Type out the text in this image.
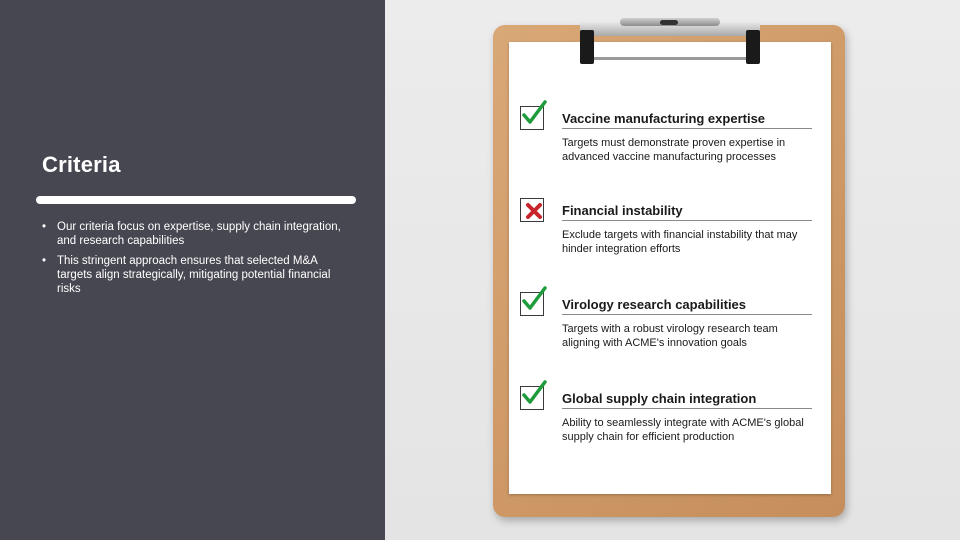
Criteria
• Our criteria focus on expertise, supply chain integration, and research capabilities
• This stringent approach ensures that selected M&A targets align strategically, mitigating potential financial risks
Vaccine manufacturing expertise
Targets must demonstrate proven expertise in advanced vaccine manufacturing processes
Financial instability
Exclude targets with financial instability that may hinder integration efforts
Virology research capabilities
Targets with a robust virology research team aligning with ACME's innovation goals
Global supply chain integration
Ability to seamlessly integrate with ACME's global supply chain for efficient production
